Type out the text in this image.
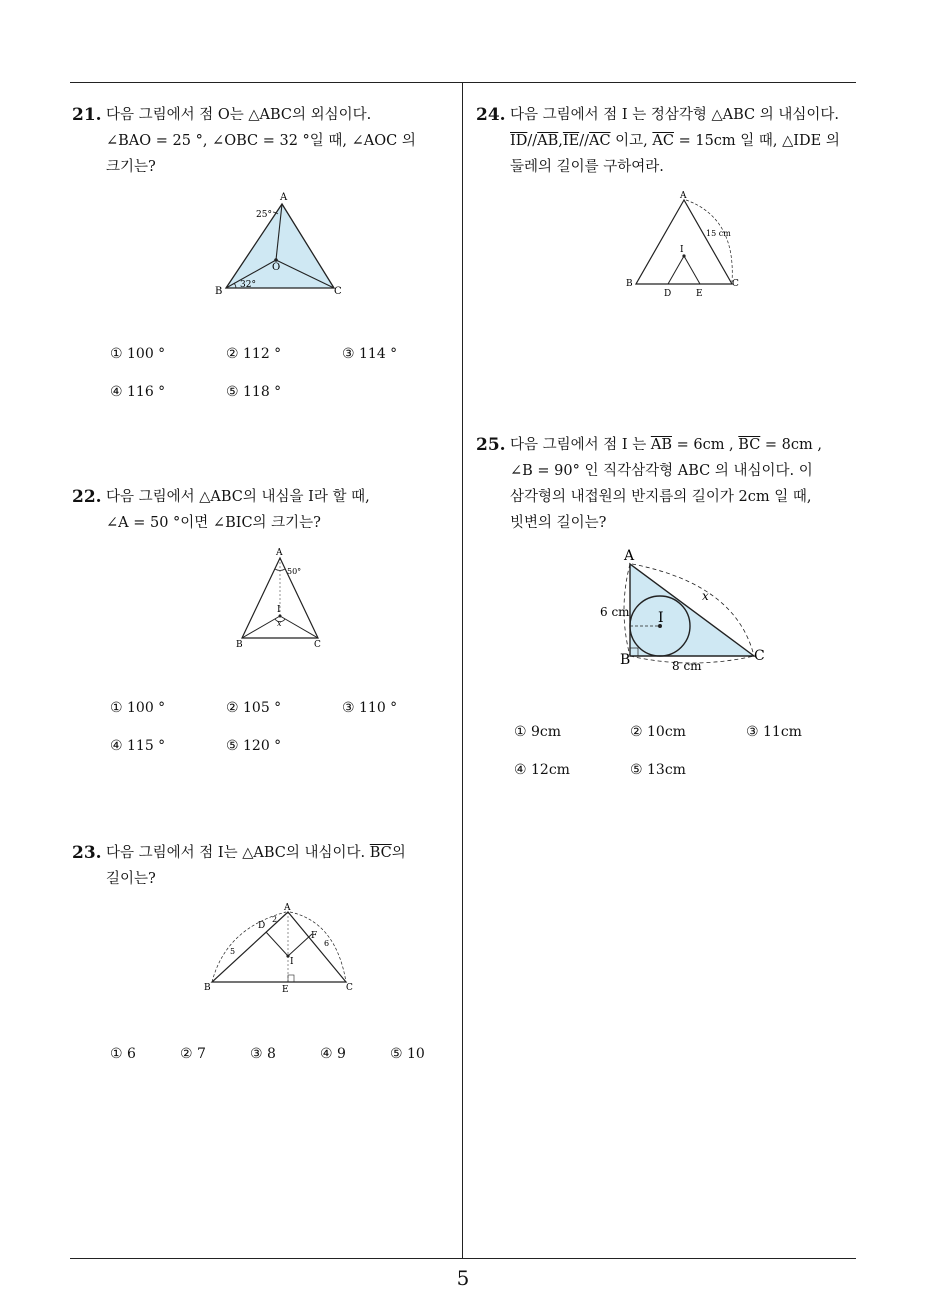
21. 다음 그림에서 점 O는 △ABC의 외심이다.
∠BAO = 25 °, ∠OBC = 32 °일 때, ∠AOC 의
크기는?
A
B	C
O
25°
32°
① 100 °	② 112 °	③ 114 °
④ 116 °	⑤ 118 °
22. 다음 그림에서 △ABC의 내심을 I라 할 때,
∠A = 50 °이면 ∠BIC의 크기는?
A
B	C
I
50°
x
① 100 °	② 105 °	③ 110 °
④ 115 °	⑤ 120 °
23. 다음 그림에서 점 I는 △ABC의 내심이다. $\overline{BC}$의
길이는?
A
B	C
D
E
F
I
2
5
6
① 6	② 7	③ 8	④ 9	⑤ 10
24. 다음 그림에서 점 I 는 정삼각형 △ABC 의 내심이다.
$\overline{ID}//\overline{AB},\overline{IE}//\overline{AC}$ 이고, $\overline{AC} = 15cm$ 일 때, △IDE 의
둘레의 길이를 구하여라.
A
B	C
D	E
I
15 cm
25. 다음 그림에서 점 I 는 $\overline{AB} = 6cm$ , $\overline{BC} = 8cm$ ,
∠B = 90° 인 직각삼각형 ABC 의 내심이다. 이
삼각형의 내접원의 반지름의 길이가 2cm 일 때,
빗변의 길이는?
A
B	C
I
6 cm
8 cm
x
① 9cm	② 10cm	③ 11cm
④ 12cm	⑤ 13cm
5
